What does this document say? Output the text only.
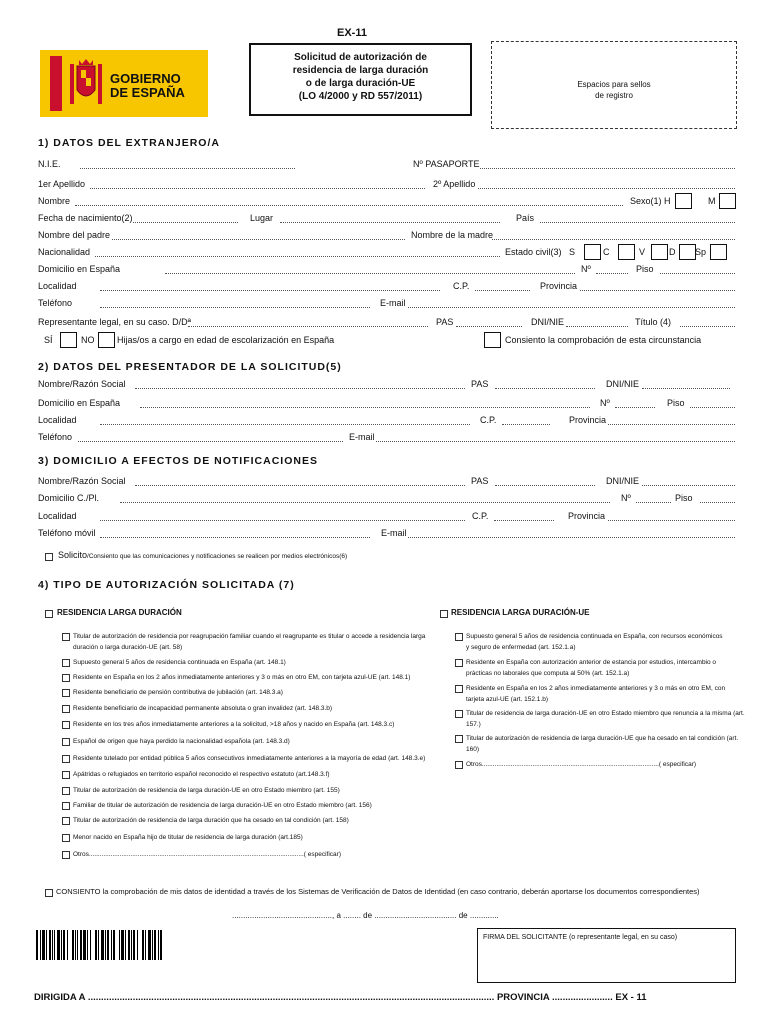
GOBIERNO
DE ESPAÑA
EX-11
Solicitud de autorización de
residencia de larga duración
o de larga duración-UE
(LO 4/2000 y RD 557/2011)
Espacios para sellos
de registro
1) DATOS DEL EXTRANJERO/A
N.I.E.	Nº PASAPORTE
1er Apellido	2º Apellido
Nombre	Sexo(1) H	M
Fecha de nacimiento(2)	Lugar	País
Nombre del padre	Nombre de la madre
Nacionalidad	Estado civil(3) S	C	V	D Sp
Domicilio en España	Nº	Piso
Localidad	C.P.	Provincia
Teléfono	E-mail
Representante legal, en su caso. D/Dª	PAS	DNI/NIE	Título (4)
SÍ	NO	Hijas/os a cargo en edad de escolarización en España	Consiento la comprobación de esta circunstancia
2) DATOS DEL PRESENTADOR DE LA SOLICITUD(5)
Nombre/Razón Social	PAS	DNI/NIE
Domicilio en España	Nº	Piso
Localidad	C.P.	Provincia
Teléfono	E-mail
3) DOMICILIO A EFECTOS DE NOTIFICACIONES
Nombre/Razón Social	PAS	DNI/NIE
Domicilio C./Pl.	Nº	Piso
Localidad	C.P.	Provincia
Teléfono móvil	E-mail
Solicito/Consiento que las comunicaciones y notificaciones se realicen por medios electrónicos(6)
4) TIPO DE AUTORIZACIÓN SOLICITADA (7)
RESIDENCIA LARGA DURACIÓN	RESIDENCIA LARGA DURACIÓN-UE
Titular de autorización de residencia por reagrupación familiar cuando el reagrupante es titular o accede a residencia larga
duración o larga duración-UE (art. 58)
Supuesto general 5 años de residencia continuada en España (art. 148.1)
Residente en España en los 2 años inmediatamente anteriores y 3 o más en otro EM, con tarjeta azul-UE (art. 148.1)
Residente beneficiario de pensión contributiva de jubilación (art. 148.3.a)
Residente beneficiario de incapacidad permanente absoluta o gran invalidez (art. 148.3.b)
Residente en los tres años inmediatamente anteriores a la solicitud, >18 años y nacido en España (art. 148.3.c)
Español de origen que haya perdido la nacionalidad española (art. 148.3.d)
Residente tutelado por entidad pública 5 años consecutivos inmediatamente anteriores a la mayoría de edad (art. 148.3.e)
Apátridas o refugiados en territorio español reconocido el respectivo estatuto (art.148.3.f)
Titular de autorización de residencia de larga duración-UE en otro Estado miembro (art. 155)
Familiar de titular de autorización de residencia de larga duración-UE en otro Estado miembro (art. 156)
Titular de autorización de residencia de larga duración que ha cesado en tal condición (art. 158)
Menor nacido en España hijo de titular de residencia de larga duración (art.185)
Otros.......................................................................................................................( especificar)
Supuesto general 5 años de residencia continuada en España, con recursos económicos
y seguro de enfermedad (art. 152.1.a)
Residente en España con autorización anterior de estancia por estudios, intercambio o
prácticas no laborales que computa al 50% (art. 152.1.a)
Residente en España en los 2 años inmediatamente anteriores y 3 o más en otro EM, con
tarjeta azul-UE (art. 152.1.b)
Titular de residencia de larga duración-UE en otro Estado miembro que renuncia a la misma (art.
157.)
Titular de autorización de residencia de larga duración-UE que ha cesado en tal condición (art.
160)
Otros..................................................................................................( especificar)
CONSIENTO la comprobación de mis datos de identidad a través de los Sistemas de Verificación de Datos de Identidad (en caso contrario, deberán aportarse los documentos correspondientes)
............................................., a ........ de ..................................... de .............
FIRMA DEL SOLICITANTE (o representante legal, en su caso)
DIRIGIDA A .......................................................................................................................................................... PROVINCIA ....................... EX - 11
